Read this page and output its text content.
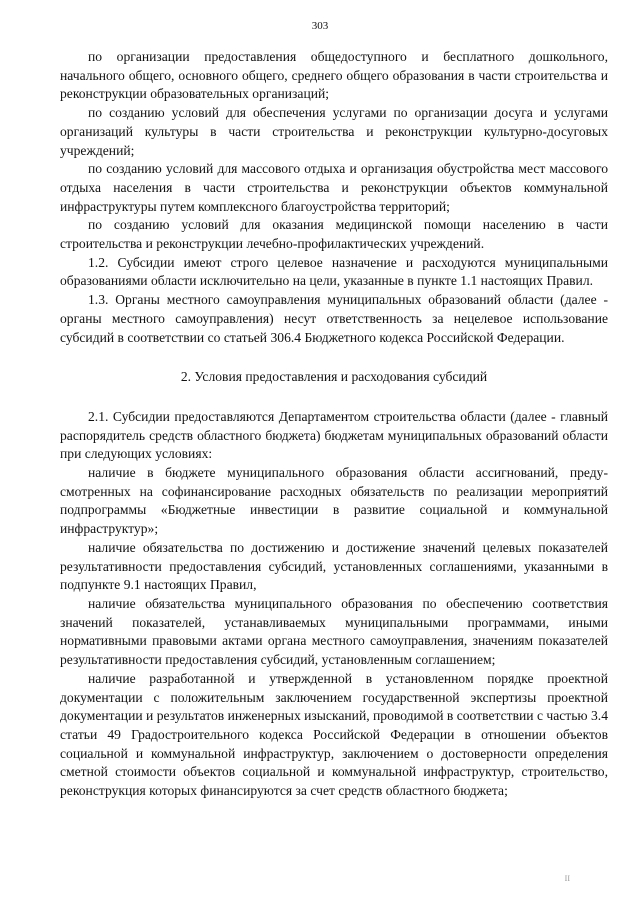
303

по организации предоставления общедоступного и бесплатного дошкольного, начального общего, основного общего, среднего общего образования в части строительства и реконструкции образовательных организаций;

по созданию условий для обеспечения услугами по организации досуга и услугами организаций культуры в части строительства и реконструкции культурно-досуговых учреждений;

по созданию условий для массового отдыха и организация обустройства мест массового отдыха населения в части строительства и реконструкции объектов коммунальной инфраструктуры путем комплексного благоустройства территорий;

по созданию условий для оказания медицинской помощи населению в части строительства и реконструкции лечебно-профилактических учреждений.

1.2. Субсидии имеют строго целевое назначение и расходуются муниципальными образованиями области исключительно на цели, указанные в пункте 1.1 настоящих Правил.

1.3. Органы местного самоуправления муниципальных образований области (далее - органы местного самоуправления) несут ответственность за нецелевое использование субсидий в соответствии со статьей 306.4 Бюджетного кодекса Российской Федерации.

2. Условия предоставления и расходования субсидий

2.1. Субсидии предоставляются Департаментом строительства области (далее - главный распорядитель средств областного бюджета) бюджетам муниципальных образований области при следующих условиях:

наличие в бюджете муниципального образования области ассигнований, предусмотренных на софинансирование расходных обязательств по реализации мероприятий подпрограммы «Бюджетные инвестиции в развитие социальной и коммунальной инфраструктур»;

наличие обязательства по достижению и достижение значений целевых показателей результативности предоставления субсидий, установленных соглашениями, указанными в подпункте 9.1 настоящих Правил,

наличие обязательства муниципального образования по обеспечению соответствия значений показателей, устанавливаемых муниципальными программами, иными нормативными правовыми актами органа местного самоуправления, значениям показателей результативности предоставления субсидий, установленным соглашением;

наличие разработанной и утвержденной в установленном порядке проектной документации с положительным заключением государственной экспертизы проектной документации и результатов инженерных изысканий, проводимой в соответствии с частью 3.4 статьи 49 Градостроительного кодекса Российской Федерации в отношении объектов социальной и коммунальной инфраструктур, заключением о достоверности определения сметной стоимости объектов социальной и коммунальной инфраструктур, строительство, реконструкция которых финансируются за счет средств областного бюджета;

II
